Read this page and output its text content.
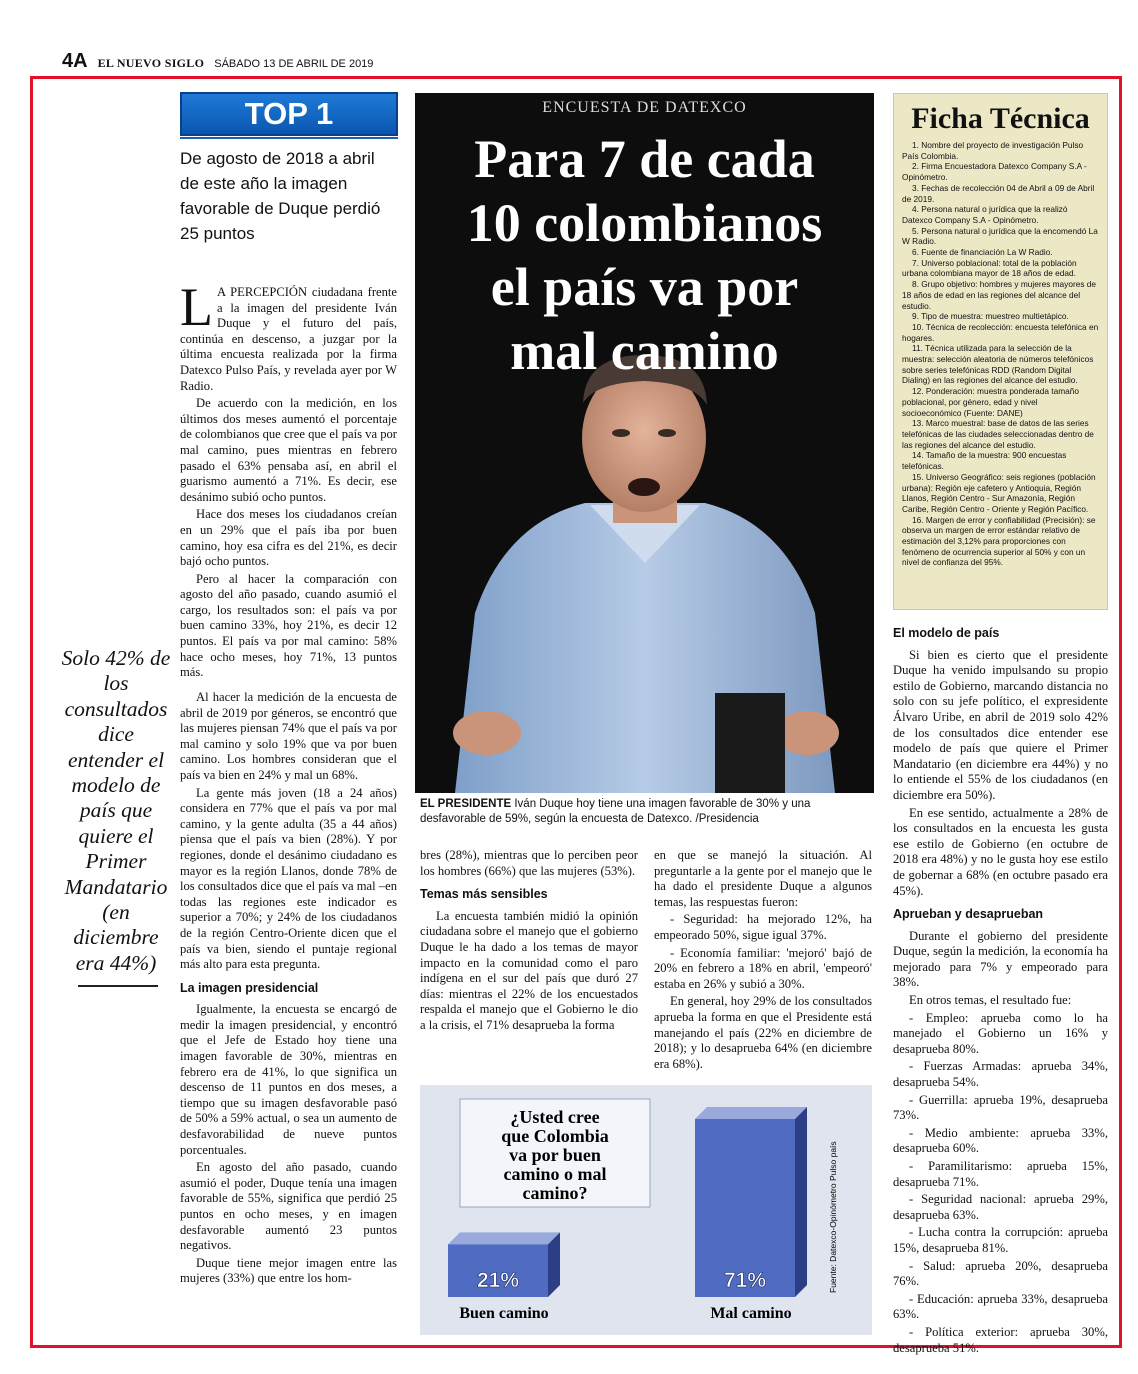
4A EL NUEVO SIGLO SÁBADO 13 DE ABRIL DE 2019
TOP 1
De agosto de 2018 a abril de este año la imagen favorable de Duque perdió 25 puntos

L A PERCEPCIÓN ciudadana frente a la imagen del presidente Iván Duque y el futuro del país, continúa en descenso, a juzgar por la última encuesta realizada por la firma Datexco Pulso País, y revelada ayer por W Radio.

De acuerdo con la medición, en los últimos dos meses aumentó el porcentaje de colombianos que cree que el país va por mal camino, pues mientras en febrero pasado el 63% pensaba así, en abril el guarismo aumentó a 71%. Es decir, ese desánimo subió ocho puntos.

Hace dos meses los ciudadanos creían en un 29% que el país iba por buen camino, hoy esa cifra es del 21%, es decir bajó ocho puntos.

Pero al hacer la comparación con agosto del año pasado, cuando asumió el cargo, los resultados son: el país va por buen camino 33%, hoy 21%, es decir 12 puntos. El país va por mal camino: 58% hace ocho meses, hoy 71%, 13 puntos más.

Al hacer la medición de la encuesta de abril de 2019 por géneros, se encontró que las mujeres piensan 74% que el país va por mal camino y solo 19% que va por buen camino. Los hombres consideran que el país va bien en 24% y mal un 68%.

La gente más joven (18 a 24 años) considera en 77% que el país va por mal camino, y la gente adulta (35 a 44 años) piensa que el país va bien (28%). Y por regiones, donde el desánimo ciudadano es mayor es la región Llanos, donde 78% de los consultados dice que el país va mal –en todas las regiones este indicador es superior a 70%; y 24% de los ciudadanos de la región Centro-Oriente dicen que el país va bien, siendo el puntaje regional más alto para esta pregunta.

La imagen presidencial

Igualmente, la encuesta se encargó de medir la imagen presidencial, y encontró que el Jefe de Estado hoy tiene una imagen favorable de 30%, mientras en febrero era de 41%, lo que significa un descenso de 11 puntos en dos meses, a tiempo que su imagen desfavorable pasó de 50% a 59% actual, o sea un aumento de desfavorabilidad de nueve puntos porcentuales.

En agosto del año pasado, cuando asumió el poder, Duque tenía una imagen favorable de 55%, significa que perdió 25 puntos en ocho meses, y en imagen desfavorable aumentó 23 puntos negativos.

Duque tiene mejor imagen entre las mujeres (33%) que entre los hom-

Solo 42% de los consultados dice entender el modelo de país que quiere el Primer Mandatario (en diciembre era 44%)
ENCUESTA DE DATEXCO
Para 7 de cada
10 colombianos
el país va por
mal camino
EL PRESIDENTE Iván Duque hoy tiene una imagen favorable de 30% y una desfavorable de 59%, según la encuesta de Datexco. /Presidencia

bres (28%), mientras que lo perciben peor los hombres (66%) que las mujeres (53%).

Temas más sensibles

La encuesta también midió la opinión ciudadana sobre el manejo que el gobierno Duque le ha dado a los temas de mayor impacto en la comunidad como el paro indígena en el sur del país que duró 27 días: mientras el 22% de los encuestados respalda el manejo que el Gobierno le dio a la crisis, el 71% desaprueba la forma

en que se manejó la situación. Al preguntarle a la gente por el manejo que le ha dado el presidente Duque a algunos temas, las respuestas fueron:

- Seguridad: ha mejorado 12%, ha empeorado 50%, sigue igual 37%.

- Economía familiar: 'mejoró' bajó de 20% en febrero a 18% en abril, 'empeoró' estaba en 26% y subió a 30%.

En general, hoy 29% de los consultados aprueba la forma en que el Presidente está manejando el país (22% en diciembre de 2018); y lo desaprueba 64% (en diciembre era 68%).

Ficha Técnica
1. Nombre del proyecto de investigación Pulso País Colombia.
2. Firma Encuestadora Datexco Company S.A - Opinómetro.
3. Fechas de recolección 04 de Abril a 09 de Abril de 2019.
4. Persona natural o jurídica que la realizó Datexco Company S.A - Opinómetro.
5. Persona natural o jurídica que la encomendó La W Radio.
6. Fuente de financiación La W Radio.
7. Universo poblacional: total de la población urbana colombiana mayor de 18 años de edad.
8. Grupo objetivo: hombres y mujeres mayores de 18 años de edad en las regiones del alcance del estudio.
9. Tipo de muestra: muestreo multietápico.
10. Técnica de recolección: encuesta telefónica en hogares.
11. Técnica utilizada para la selección de la muestra: selección aleatoria de números telefónicos sobre series telefónicas RDD (Random Digital Dialing) en las regiones del alcance del estudio.
12. Ponderación: muestra ponderada tamaño poblacional, por género, edad y nivel socioeconómico (Fuente: DANE)
13. Marco muestral: base de datos de las series telefónicas de las ciudades seleccionadas dentro de las regiones del alcance del estudio.
14. Tamaño de la muestra: 900 encuestas telefónicas.
15. Universo Geográfico: seis regiones (población urbana): Región eje cafetero y Antioquia, Región Llanos, Región Centro - Sur Amazonía, Región Caribe, Región Centro - Oriente y Región Pacífico.
16. Margen de error y confiabilidad (Precisión): se observa un margen de error estándar relativo de estimación del 3,12% para proporciones con fenómeno de ocurrencia superior al 50% y con un nivel de confianza del 95%.
El modelo de país

Si bien es cierto que el presidente Duque ha venido impulsando su propio estilo de Gobierno, marcando distancia no solo con su jefe político, el expresidente Álvaro Uribe, en abril de 2019 solo 42% de los consultados dice entender ese modelo de país que quiere el Primer Mandatario (en diciembre era 44%) y no lo entiende el 55% de los ciudadanos (en diciembre era 50%).

En ese sentido, actualmente a 28% de los consultados en la encuesta les gusta ese estilo de Gobierno (en octubre de 2018 era 48%) y no le gusta hoy ese estilo de gobernar a 68% (en octubre pasado era 45%).

Aprueban y desaprueban

Durante el gobierno del presidente Duque, según la medición, la economía ha mejorado para 7% y empeorado para 38%.

En otros temas, el resultado fue:

- Empleo: aprueba como lo ha manejado el Gobierno un 16% y desaprueba 80%.

- Fuerzas Armadas: aprueba 34%, desaprueba 54%.

- Guerrilla: aprueba 19%, desaprueba 73%.

- Medio ambiente: aprueba 33%, desaprueba 60%.

- Paramilitarismo: aprueba 15%, desaprueba 71%.

- Seguridad nacional: aprueba 29%, desaprueba 63%.

- Lucha contra la corrupción: aprueba 15%, desaprueba 81%.

- Salud: aprueba 20%, desaprueba 76%.

- Educación: aprueba 33%, desaprueba 63%.

- Política exterior: aprueba 30%, desaprueba 51%.

¿Usted cree
que Colombia
va por buen
camino o mal
camino?
21%
Buen camino
71%
Mal camino
Fuente: Datexco-Opinómetro Pulso país
